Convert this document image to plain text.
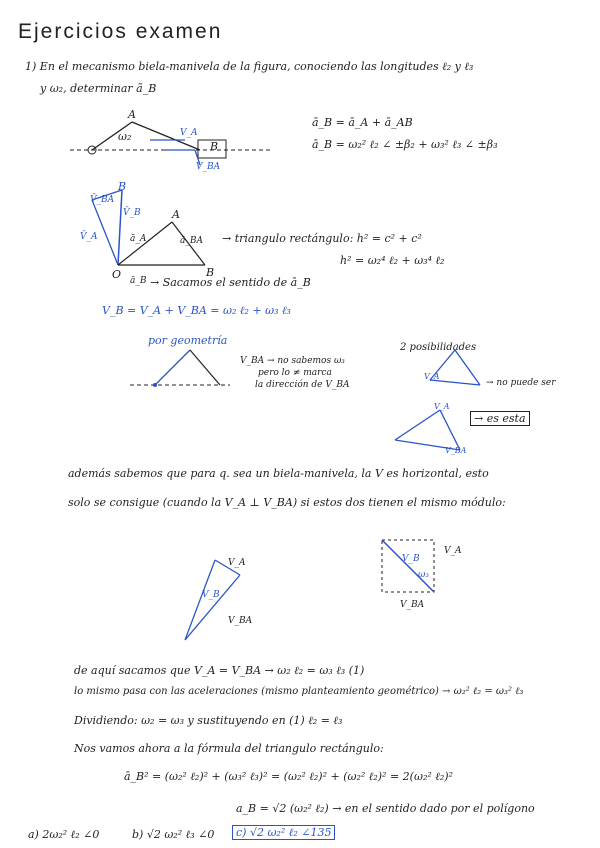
Ejercicios examen
1) En el mecanismo biela-manivela de la figura, conociendo las longitudes ℓ₂ y ℓ₃
y ω₂, determinar ã_B
A
B
ω₂	V_A
V_BA
ā_B = ā_A + ā_AB
ā_B = ω₂² ℓ₂ ∠ ±β₂ + ω₃² ℓ₃ ∠ ±β₃
B
V̄_BA
V̄_B
V̄_A	ā_A
A
ā_BA
O	B
ā_B
→ triangulo rectángulo: h² = c² + c²
h² = ω₂⁴ ℓ₂ + ω₃⁴ ℓ₂
→ Sacamos el sentido de ā_B
V_B = V_A + V_BA = ω₂ ℓ₂ + ω₃ ℓ₃
por geometría
V_BA → no sabemos ω₃
pero lo ≠ marca
la dirección de V_BA
2 posibilidades
→ no puede ser
→ es esta
V_A
V_A
V_BA
además sabemos que para q. sea un biela-manivela, la V es horizontal, esto
solo se consigue (cuando la V_A ⊥ V_BA) si estos dos tienen el mismo módulo:
V_A
V_B
V_BA
V_A
V_B
ω₃
V_BA
de aquí sacamos que V_A = V_BA → ω₂ ℓ₂ = ω₃ ℓ₃ (1)
lo mismo pasa con las aceleraciones (mismo planteamiento geométrico) → ω₂² ℓ₂ = ω₃² ℓ₃
Dividiendo: ω₂ = ω₃ y sustituyendo en (1) ℓ₂ = ℓ₃
Nos vamos ahora a la fórmula del triangulo rectángulo:
ā_B² = (ω₂² ℓ₂)² + (ω₃² ℓ₃)² = (ω₂² ℓ₂)² + (ω₂² ℓ₂)² = 2(ω₂² ℓ₂)²
a_B = √2 (ω₂² ℓ₂) → en el sentido dado por el polígono
a) 2ω₂² ℓ₂ ∠0	b) √2 ω₂² ℓ₃ ∠0	c) √2 ω₂² ℓ₂ ∠135
